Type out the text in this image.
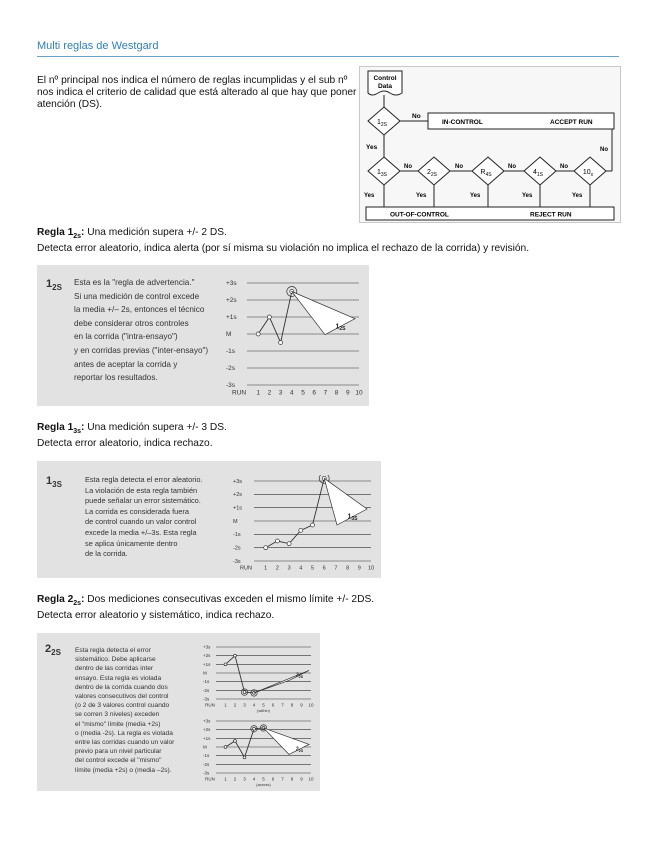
Multi reglas de Westgard
El nº principal nos indica el número de reglas incumplidas y el sub nº nos indica el criterio de calidad que está alterado al que hay que poner atención (DS).
Control
Data
$1_{2S}$
No
IN-CONTROL	ACCEPT RUN
Yes
$1_{3S}$	$2_{2S}$	$R_{4S}$	$4_{1S}$	$10_x$
No	No	No	No
No
Yes	Yes	Yes	Yes	Yes
OUT-OF-CONTROL	REJECT RUN
Regla $1_{2s}$: Una medición supera +/- 2 DS.
Detecta error aleatorio, indica alerta (por sí misma su violación no implica el rechazo de la corrida) y revisión.
$1_{2S}$
Esta es la "regla de advertencia."
Si una medición de control excede
la media +/– 2s, entonces el técnico
debe considerar otros controles
en la corrida ("intra-ensayo")
y en corridas previas ("inter-ensayo")
antes de aceptar la corrida y
reportar los resultados.
+3s
+2s
+1s
M
-1s
-2s
-3s
RUN 1 2 3 4 5 6 7 8 9 10
$1_{2S}$
Regla $1_{3s}$: Una medición supera +/- 3 DS.
Detecta error aleatorio, indica rechazo.
$1_{3S}$
Esta regla detecta el error aleatorio.
La violación de esta regla también
puede señalar un error sistemático.
La corrida es considerada fuera
de control cuando un valor control
excede la media +/–3s. Esta regla
se aplica únicamente dentro
de la corrida.
+3s
+2s
+1s
M
-1s
-2s
-3s
RUN 1 2 3 4 5 6 7 8 9 10
$1_{3S}$
Regla $2_{2s}$: Dos mediciones consecutivas exceden el mismo límite +/- 2DS.
Detecta error aleatorio y sistemático, indica rechazo.
$2_{2S}$ Esta regla detecta el error
sistemático. Debe aplicarse
dentro de las corridas inter
ensayo. Esta regla es violada
dentro de la corrida cuando dos
valores consecutivos del control
(o 2 de 3 valores control cuando
se corren 3 niveles) exceden
el "mismo" límite (media +2s)
o (media -2s). La regla es violada
entre las corridas cuando un valor
previo para un nivel particular
del control excede el "mismo"
límite (media +2s) o (media –2s).
+3s
+2s
+1s
M
-1s
-2s
-3s
RUN 1 2 3 4 5 6 7 8 9 10
(within)
$2_{2S}$
+3s
+2s
+1s
M
-1s
-2s
-3s
RUN 1 2 3 4 5 6 7 8 9 10
(across)
$2_{2S}$
